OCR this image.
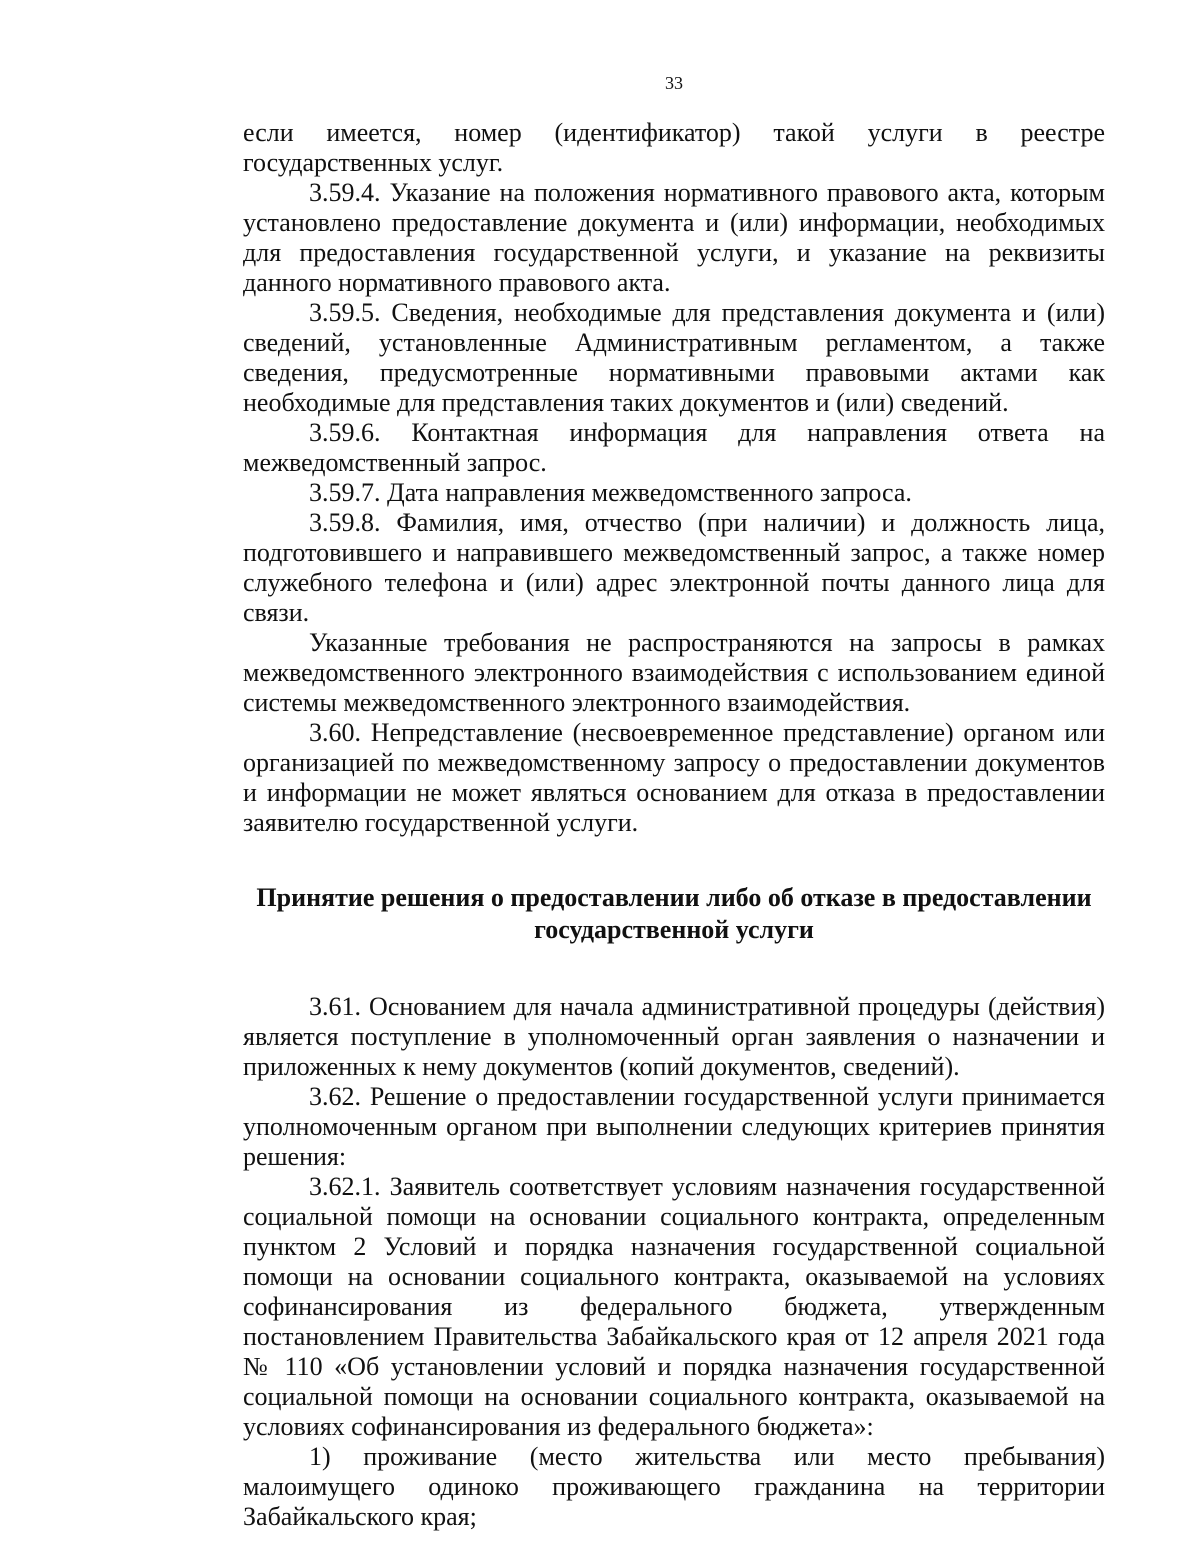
33

если имеется, номер (идентификатор) такой услуги в реестре государственных услуг.

3.59.4. Указание на положения нормативного правового акта, которым установлено предоставление документа и (или) информации, необходимых для предоставления государственной услуги, и указание на реквизиты данного нормативного правового акта.

3.59.5. Сведения, необходимые для представления документа и (или) сведений, установленные Административным регламентом, а также сведения, предусмотренные нормативными правовыми актами как необходимые для представления таких документов и (или) сведений.

3.59.6. Контактная информация для направления ответа на межведомственный запрос.

3.59.7. Дата направления межведомственного запроса.

3.59.8. Фамилия, имя, отчество (при наличии) и должность лица, подготовившего и направившего межведомственный запрос, а также номер служебного телефона и (или) адрес электронной почты данного лица для связи.

Указанные требования не распространяются на запросы в рамках межведомственного электронного взаимодействия с использованием единой системы межведомственного электронного взаимодействия.

3.60. Непредставление (несвоевременное представление) органом или организацией по межведомственному запросу о предоставлении документов и информации не может являться основанием для отказа в предоставлении заявителю государственной услуги.

Принятие решения о предоставлении либо об отказе в предоставлении
государственной услуги

3.61. Основанием для начала административной процедуры (действия) является поступление в уполномоченный орган заявления о назначении и приложенных к нему документов (копий документов, сведений).

3.62. Решение о предоставлении государственной услуги принимается уполномоченным органом при выполнении следующих критериев принятия решения:

3.62.1. Заявитель соответствует условиям назначения государственной социальной помощи на основании социального контракта, определенным пунктом 2 Условий и порядка назначения государственной социальной помощи на основании социального контракта, оказываемой на условиях софинансирования из федерального бюджета, утвержденным постановлением Правительства Забайкальского края от 12 апреля 2021 года № 110 «Об установлении условий и порядка назначения государственной социальной помощи на основании социального контракта, оказываемой на условиях софинансирования из федерального бюджета»:

1) проживание (место жительства или место пребывания) малоимущего одиноко проживающего гражданина на территории Забайкальского края;
